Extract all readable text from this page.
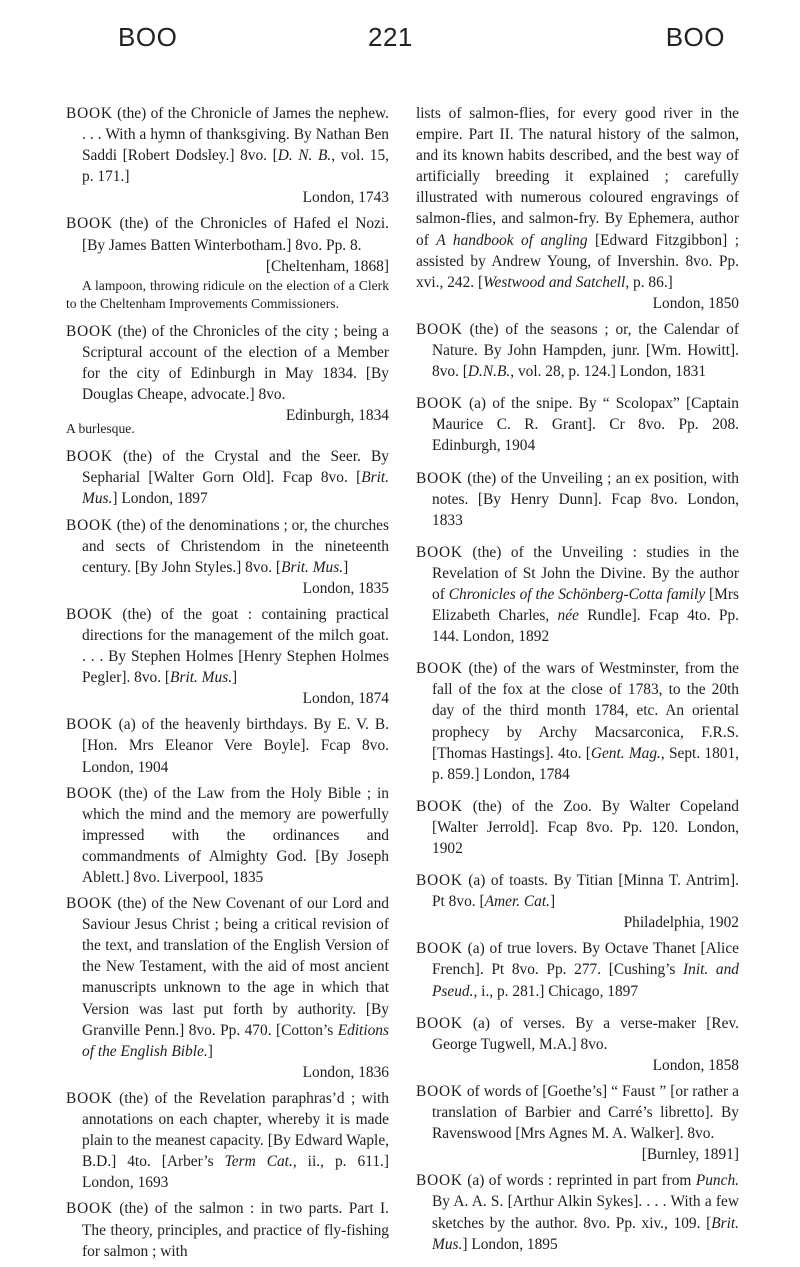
BOO	221	BOO

BOOK (the) of the Chronicle of James the nephew. . . . With a hymn of thanksgiving. By Nathan Ben Saddi [Robert Dodsley.] 8vo. [D. N. B., vol. 15, p. 171.]
London, 1743

BOOK (the) of the Chronicles of Hafed el Nozi. [By James Batten Winterbotham.] 8vo. Pp. 8.
[Cheltenham, 1868]

A lampoon, throwing ridicule on the election of a Clerk to the Cheltenham Improvements Commissioners.

BOOK (the) of the Chronicles of the city ; being a Scriptural account of the election of a Member for the city of Edinburgh in May 1834. [By Douglas Cheape, advocate.] 8vo.
Edinburgh, 1834

A burlesque.

BOOK (the) of the Crystal and the Seer. By Sepharial [Walter Gorn Old]. Fcap 8vo. [Brit. Mus.] London, 1897

BOOK (the) of the denominations ; or, the churches and sects of Christendom in the nineteenth century. [By John Styles.] 8vo. [Brit. Mus.]
London, 1835

BOOK (the) of the goat : containing practical directions for the management of the milch goat. . . . By Stephen Holmes [Henry Stephen Holmes Pegler]. 8vo. [Brit. Mus.]
London, 1874

BOOK (a) of the heavenly birthdays. By E. V. B. [Hon. Mrs Eleanor Vere Boyle]. Fcap 8vo. London, 1904

BOOK (the) of the Law from the Holy Bible ; in which the mind and the memory are powerfully impressed with the ordinances and commandments of Almighty God. [By Joseph Ablett.] 8vo. Liverpool, 1835

BOOK (the) of the New Covenant of our Lord and Saviour Jesus Christ ; being a critical revision of the text, and translation of the English Version of the New Testament, with the aid of most ancient manuscripts unknown to the age in which that Version was last put forth by authority. [By Granville Penn.] 8vo. Pp. 470. [Cotton’s Editions of the English Bible.]
London, 1836

BOOK (the) of the Revelation paraphras’d ; with annotations on each chapter, whereby it is made plain to the meanest capacity. [By Edward Waple, B.D.] 4to. [Arber’s Term Cat., ii., p. 611.] London, 1693

BOOK (the) of the salmon : in two parts. Part I. The theory, principles, and practice of fly-fishing for salmon ; with

lists of salmon-flies, for every good river in the empire. Part II. The natural history of the salmon, and its known habits described, and the best way of artificially breeding it explained ; carefully illustrated with numerous coloured engravings of salmon-flies, and salmon-fry. By Ephemera, author of A handbook of angling [Edward Fitzgibbon] ; assisted by Andrew Young, of Invershin. 8vo. Pp. xvi., 242. [Westwood and Satchell, p. 86.]
London, 1850

BOOK (the) of the seasons ; or, the Calendar of Nature. By John Hampden, junr. [Wm. Howitt]. 8vo. [D.N.B., vol. 28, p. 124.] London, 1831

BOOK (a) of the snipe. By “ Scolopax” [Captain Maurice C. R. Grant]. Cr 8vo. Pp. 208. Edinburgh, 1904

BOOK (the) of the Unveiling ; an ex position, with notes. [By Henry Dunn]. Fcap 8vo. London, 1833

BOOK (the) of the Unveiling : studies in the Revelation of St John the Divine. By the author of Chronicles of the Schönberg-Cotta family [Mrs Elizabeth Charles, née Rundle]. Fcap 4to. Pp. 144. London, 1892

BOOK (the) of the wars of Westminster, from the fall of the fox at the close of 1783, to the 20th day of the third month 1784, etc. An oriental prophecy by Archy Macsarconica, F.R.S. [Thomas Hastings]. 4to. [Gent. Mag., Sept. 1801, p. 859.] London, 1784

BOOK (the) of the Zoo. By Walter Copeland [Walter Jerrold]. Fcap 8vo. Pp. 120. London, 1902

BOOK (a) of toasts. By Titian [Minna T. Antrim]. Pt 8vo. [Amer. Cat.]
Philadelphia, 1902

BOOK (a) of true lovers. By Octave Thanet [Alice French]. Pt 8vo. Pp. 277. [Cushing’s Init. and Pseud., i., p. 281.] Chicago, 1897

BOOK (a) of verses. By a verse-maker [Rev. George Tugwell, M.A.] 8vo.
London, 1858

BOOK of words of [Goethe’s] “ Faust ” [or rather a translation of Barbier and Carré’s libretto]. By Ravenswood [Mrs Agnes M. A. Walker]. 8vo.
[Burnley, 1891]

BOOK (a) of words : reprinted in part from Punch. By A. A. S. [Arthur Alkin Sykes]. . . . With a few sketches by the author. 8vo. Pp. xiv., 109. [Brit. Mus.] London, 1895
